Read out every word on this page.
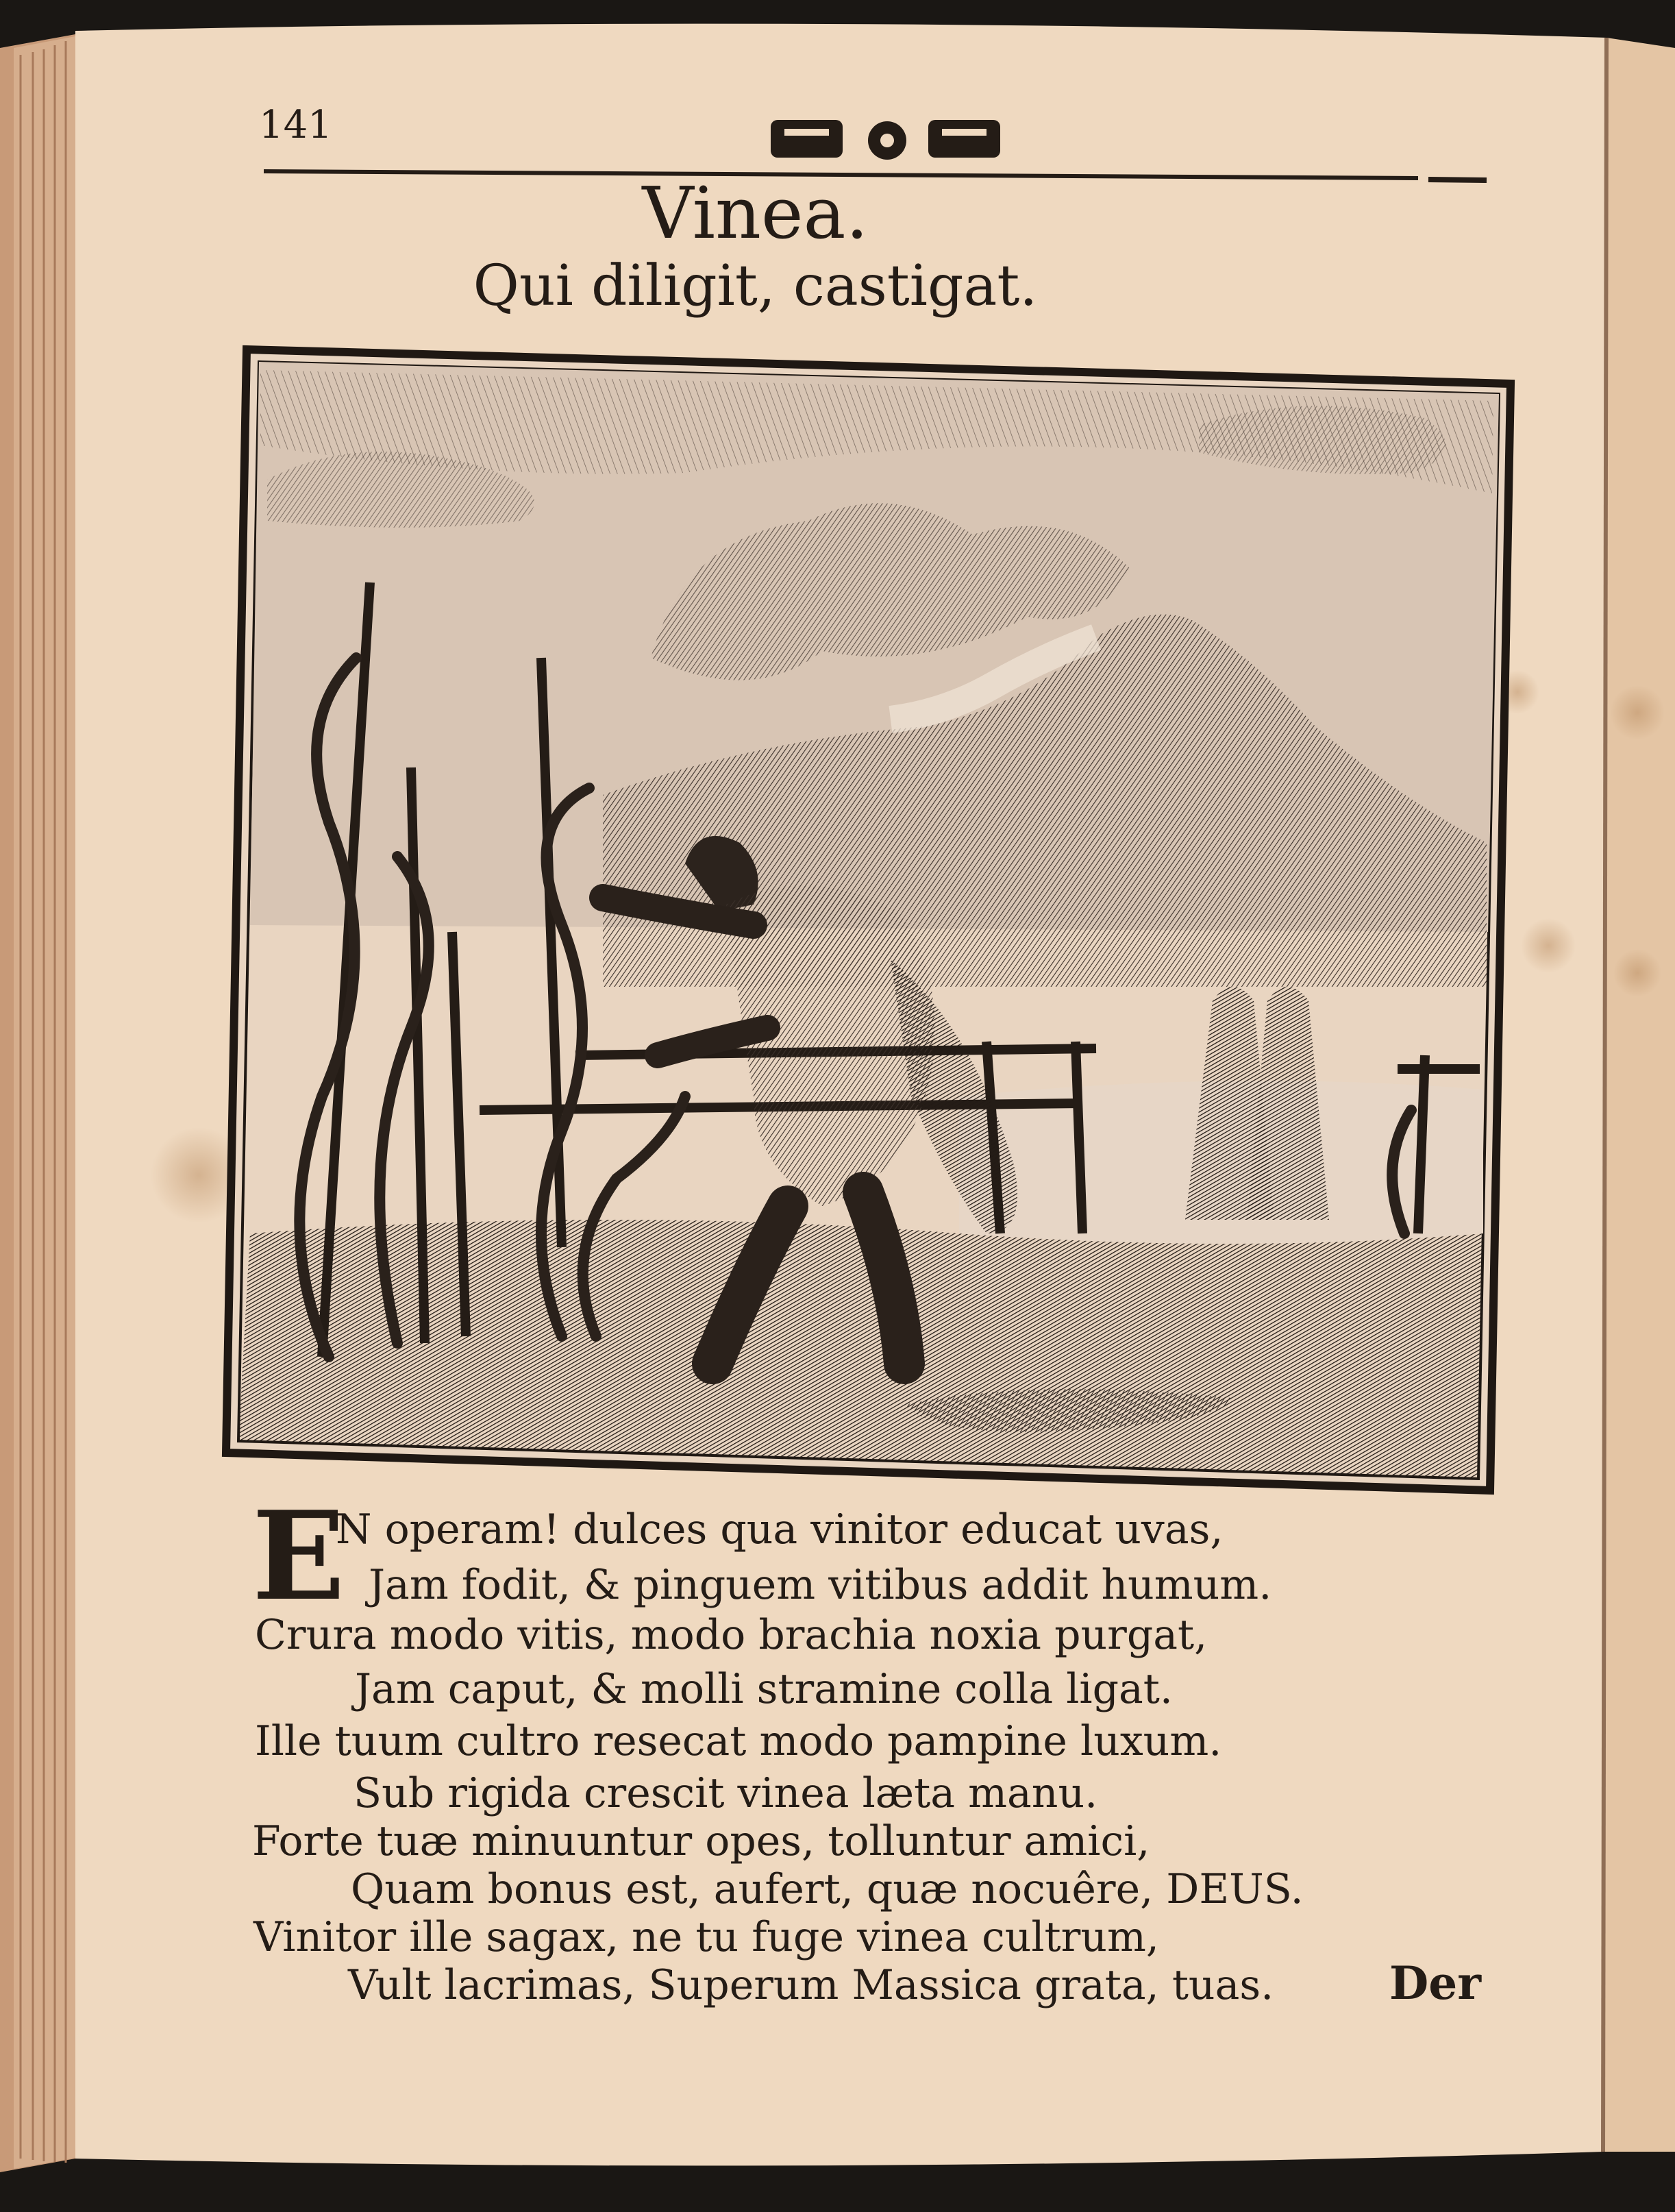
141
Vinea.
Qui diligit, castigat.
E
N operam! dulces qua vinitor educat uvas,
Jam fodit, & pinguem vitibus addit humum.
Crura modo vitis, modo brachia noxia purgat,
Jam caput, & molli stramine colla ligat.
Ille tuum cultro resecat modo pampine luxum.
Sub rigida crescit vinea læta manu.
Forte tuæ minuuntur opes, tolluntur amici,
Quam bonus est, aufert, quæ nocuêre, DEUS.
Vinitor ille sagax, ne tu fuge vinea cultrum,
Vult lacrimas, Superum Massica grata, tuas.	Der
